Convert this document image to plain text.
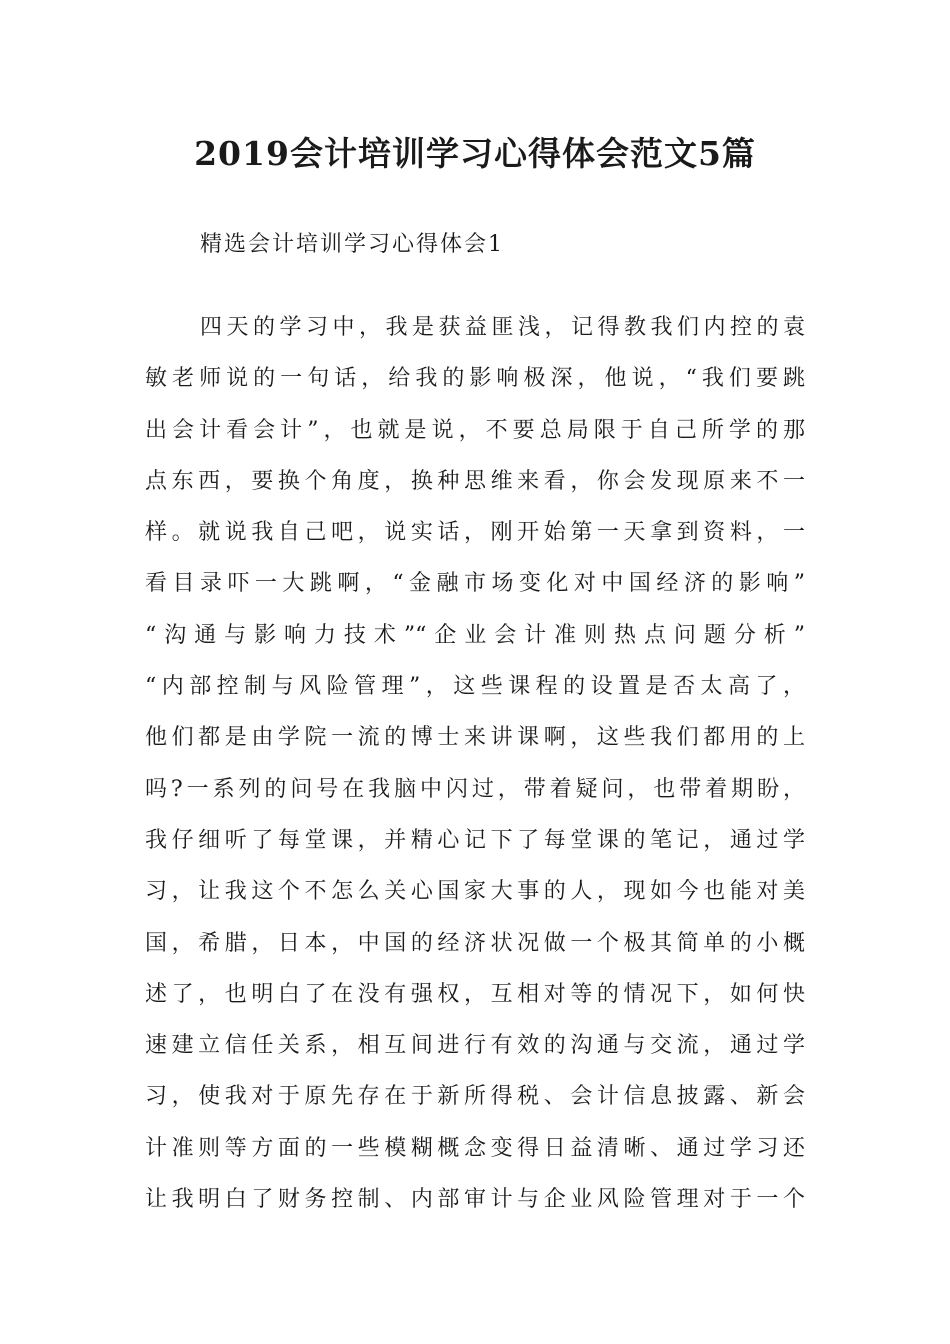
2019会计培训学习心得体会范文5篇

精选会计培训学习心得体会1

四天的学习中，我是获益匪浅，记得教我们内控的袁
敏老师说的一句话，给我的影响极深，他说，“我们要跳
出会计看会计”，也就是说，不要总局限于自己所学的那
点东西，要换个角度，换种思维来看，你会发现原来不一
样。就说我自己吧，说实话，刚开始第一天拿到资料，一
看目录吓一大跳啊，“金融市场变化对中国经济的影响”
“沟通与影响力技术”“企业会计准则热点问题分析”
“内部控制与风险管理”，这些课程的设置是否太高了，
他们都是由学院一流的博士来讲课啊，这些我们都用的上
吗?一系列的问号在我脑中闪过，带着疑问，也带着期盼，
我仔细听了每堂课，并精心记下了每堂课的笔记，通过学
习，让我这个不怎么关心国家大事的人，现如今也能对美
国，希腊，日本，中国的经济状况做一个极其简单的小概
述了，也明白了在没有强权，互相对等的情况下，如何快
速建立信任关系，相互间进行有效的沟通与交流，通过学
习，使我对于原先存在于新所得税、会计信息披露、新会
计准则等方面的一些模糊概念变得日益清晰、通过学习还
让我明白了财务控制、内部审计与企业风险管理对于一个
